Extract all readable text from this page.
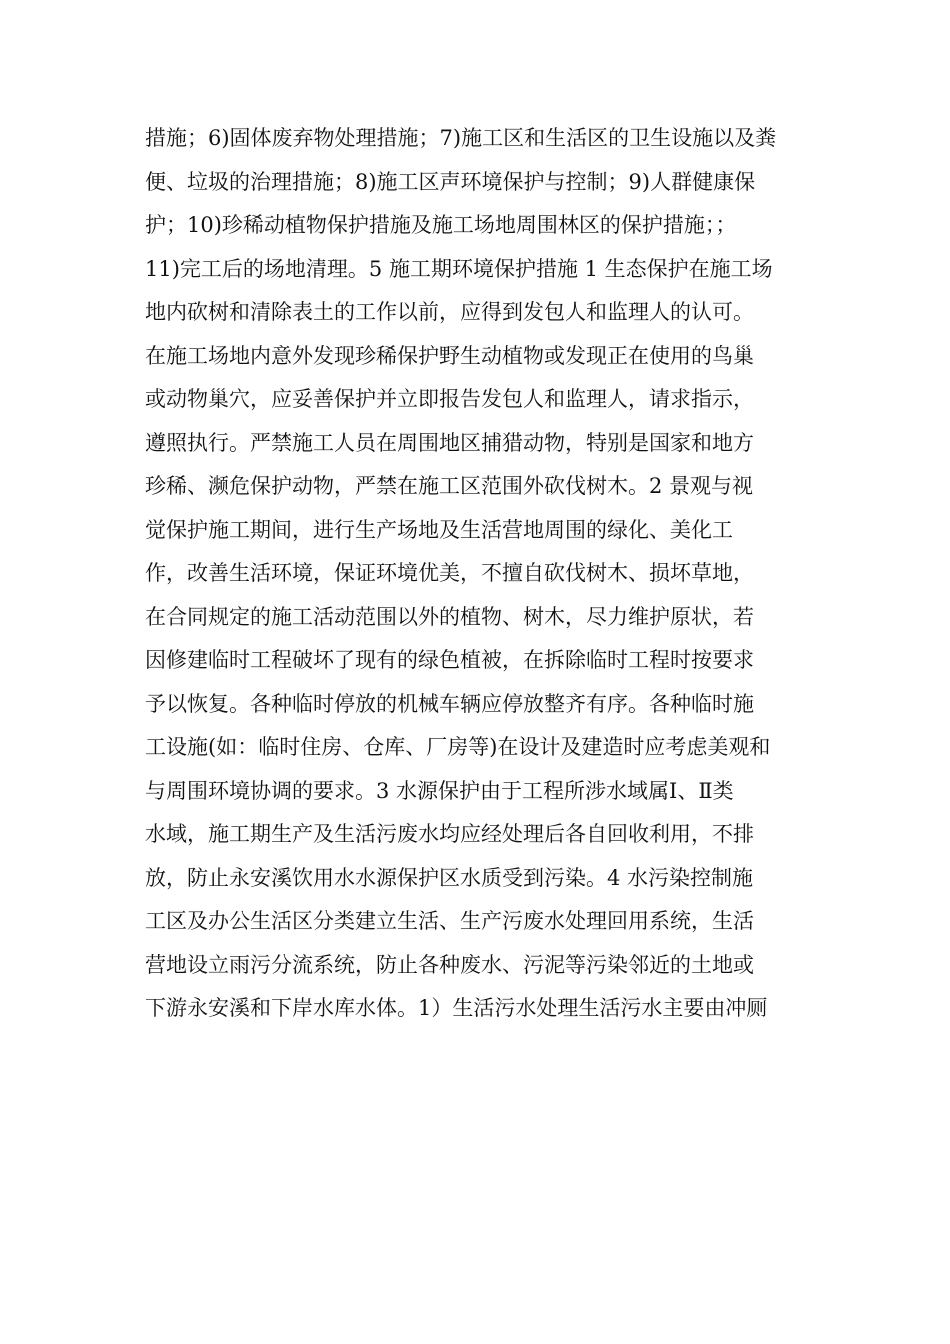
措施；6)固体废弃物处理措施；7)施工区和生活区的卫生设施以及粪
便、垃圾的治理措施；8)施工区声环境保护与控制；9)人群健康保
护；10)珍稀动植物保护措施及施工场地周围林区的保护措施；；
11)完工后的场地清理。5 施工期环境保护措施 1 生态保护在施工场
地内砍树和清除表土的工作以前，应得到发包人和监理人的认可。
在施工场地内意外发现珍稀保护野生动植物或发现正在使用的鸟巢
或动物巢穴，应妥善保护并立即报告发包人和监理人，请求指示，
遵照执行。严禁施工人员在周围地区捕猎动物，特别是国家和地方
珍稀、濒危保护动物，严禁在施工区范围外砍伐树木。2 景观与视
觉保护施工期间，进行生产场地及生活营地周围的绿化、美化工
作，改善生活环境，保证环境优美，不擅自砍伐树木、损坏草地，
在合同规定的施工活动范围以外的植物、树木，尽力维护原状，若
因修建临时工程破坏了现有的绿色植被，在拆除临时工程时按要求
予以恢复。各种临时停放的机械车辆应停放整齐有序。各种临时施
工设施(如：临时住房、仓库、厂房等)在设计及建造时应考虑美观和
与周围环境协调的要求。3 水源保护由于工程所涉水域属Ⅰ、Ⅱ类
水域，施工期生产及生活污废水均应经处理后各自回收利用，不排
放，防止永安溪饮用水水源保护区水质受到污染。4 水污染控制施
工区及办公生活区分类建立生活、生产污废水处理回用系统，生活
营地设立雨污分流系统，防止各种废水、污泥等污染邻近的土地或
下游永安溪和下岸水库水体。1）生活污水处理生活污水主要由冲厕
